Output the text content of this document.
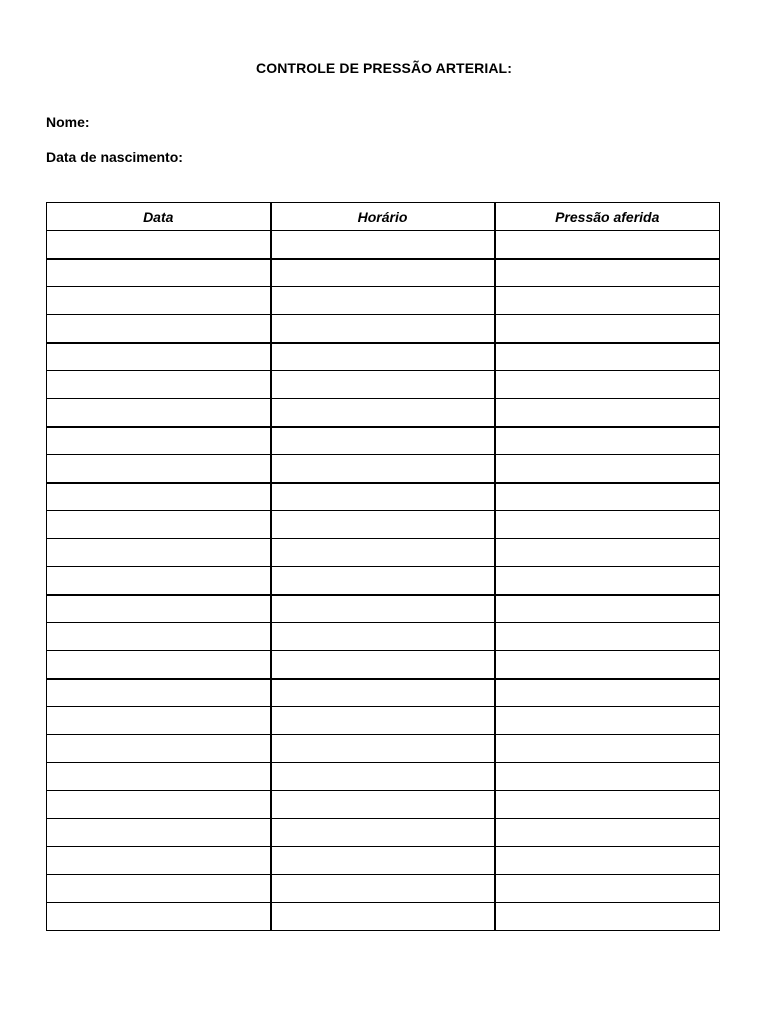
CONTROLE DE PRESSÃO ARTERIAL:
Nome:
Data de nascimento:
Data	Horário	Pressão aferida
